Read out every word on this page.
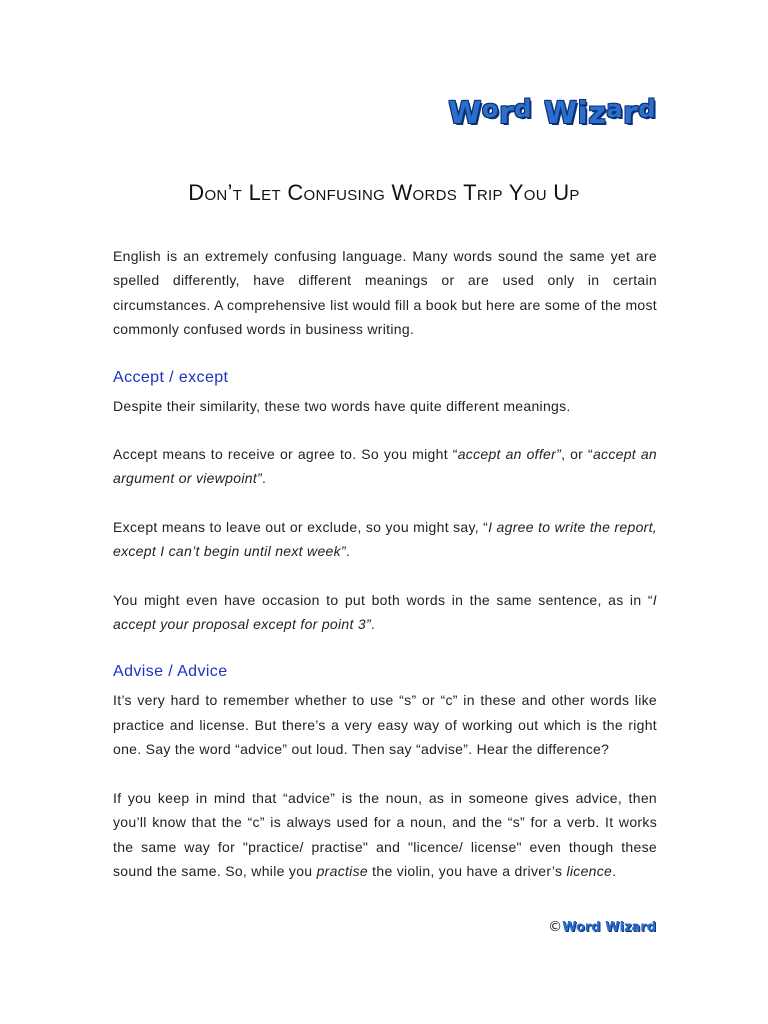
$W^or^d$ $Wiz^ar^d$
Don’t Let Confusing Words Trip You Up

English is an extremely confusing language. Many words sound the same yet are spelled differently, have different meanings or are used only in certain circumstances. A comprehensive list would fill a book but here are some of the most commonly confused words in business writing.

Accept / except

Despite their similarity, these two words have quite different meanings.

Accept means to receive or agree to. So you might “accept an offer”, or “accept an argument or viewpoint”.

Except means to leave out or exclude, so you might say, “I agree to write the report, except I can’t begin until next week”.

You might even have occasion to put both words in the same sentence, as in “I accept your proposal except for point 3”.

Advise / Advice

It’s very hard to remember whether to use “s” or “c” in these and other words like practice and license. But there’s a very easy way of working out which is the right one. Say the word “advice” out loud. Then say “advise”. Hear the difference?

If you keep in mind that “advice” is the noun, as in someone gives advice, then you’ll know that the “c” is always used for a noun, and the “s” for a verb. It works the same way for "practice/ practise" and "licence/ license" even though these sound the same. So, while you practise the violin, you have a driver’s licence.

©Word Wizard
